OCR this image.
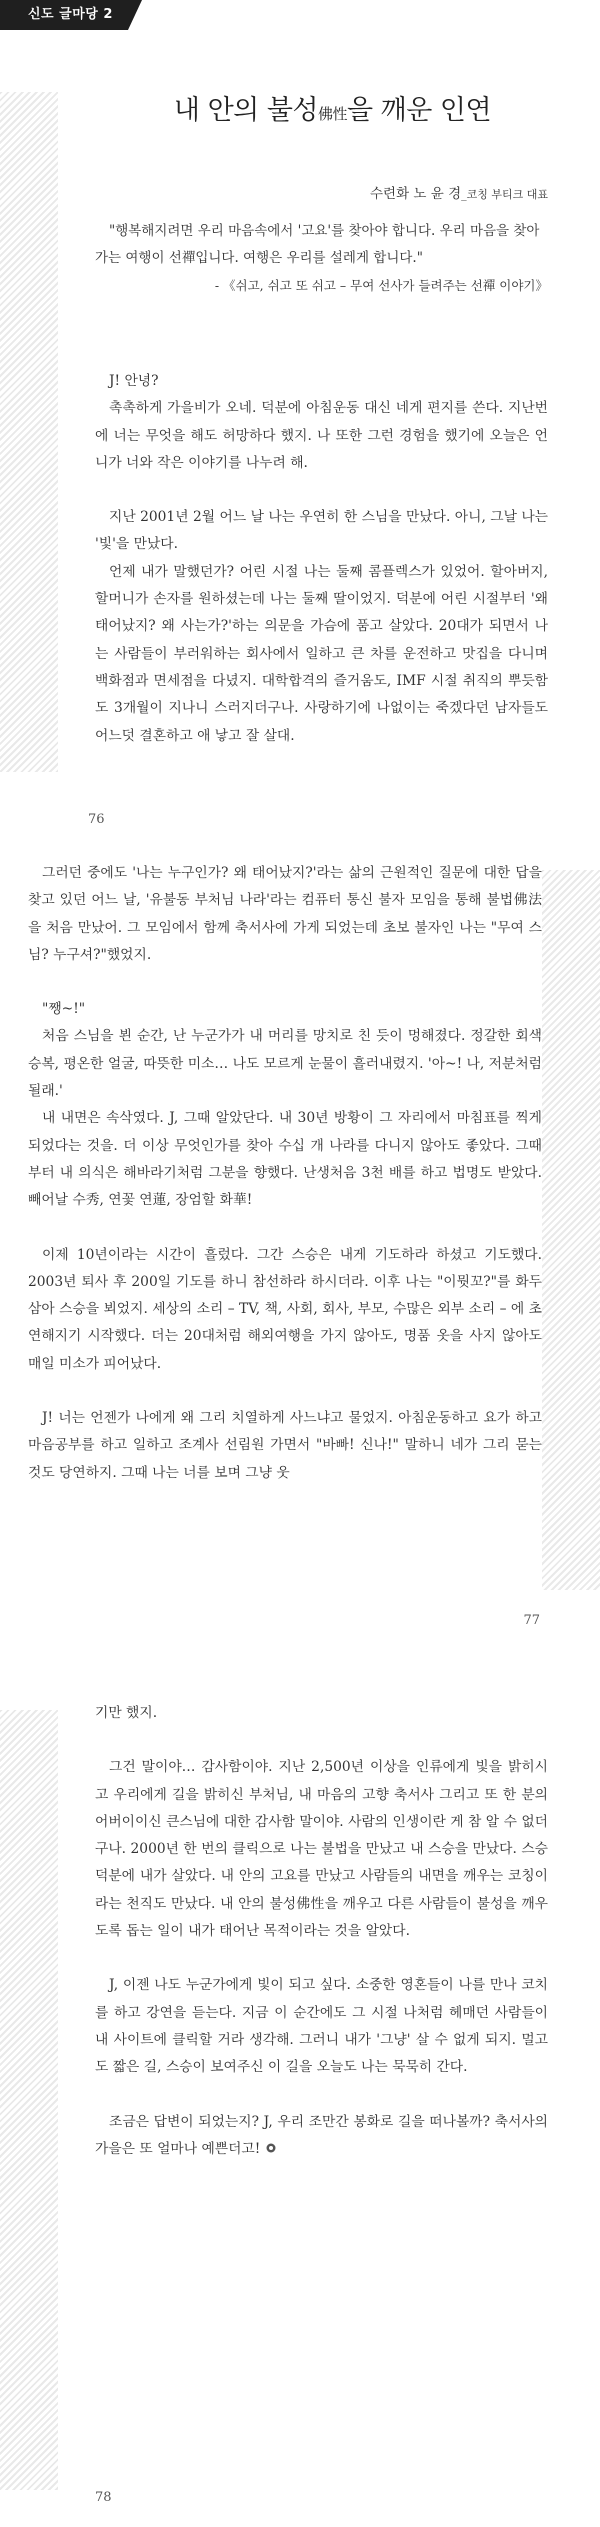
신도 글마당 2
내 안의 불성佛性을 깨운 인연
수련화 노 윤 경_코칭 부티크 대표

"행복해지려면 우리 마음속에서 '고요'를 찾아야 합니다. 우리 마음을 찾아가는 여행이 선禪입니다. 여행은 우리를 설레게 합니다."

- 《쉬고, 쉬고 또 쉬고 – 무여 선사가 들려주는 선禪 이야기》

J! 안녕?

촉촉하게 가을비가 오네. 덕분에 아침운동 대신 네게 편지를 쓴다. 지난번에 너는 무엇을 해도 허망하다 했지. 나 또한 그런 경험을 했기에 오늘은 언니가 너와 작은 이야기를 나누려 해.

지난 2001년 2월 어느 날 나는 우연히 한 스님을 만났다. 아니, 그날 나는 '빛'을 만났다.

언제 내가 말했던가? 어린 시절 나는 둘째 콤플렉스가 있었어. 할아버지, 할머니가 손자를 원하셨는데 나는 둘째 딸이었지. 덕분에 어린 시절부터 '왜 태어났지? 왜 사는가?'하는 의문을 가슴에 품고 살았다. 20대가 되면서 나는 사람들이 부러워하는 회사에서 일하고 큰 차를 운전하고 맛집을 다니며 백화점과 면세점을 다녔지. 대학합격의 즐거움도, IMF 시절 취직의 뿌듯함도 3개월이 지나니 스러지더구나. 사랑하기에 나없이는 죽겠다던 남자들도 어느덧 결혼하고 애 낳고 잘 살대.

76

그러던 중에도 '나는 누구인가? 왜 태어났지?'라는 삶의 근원적인 질문에 대한 답을 찾고 있던 어느 날, '유불동 부처님 나라'라는 컴퓨터 통신 불자 모임을 통해 불법佛法을 처음 만났어. 그 모임에서 함께 축서사에 가게 되었는데 초보 불자인 나는 "무여 스님? 누구셔?"했었지.

"쨍~!"

처음 스님을 뵌 순간, 난 누군가가 내 머리를 망치로 친 듯이 멍해졌다. 정갈한 회색 승복, 평온한 얼굴, 따뜻한 미소… 나도 모르게 눈물이 흘러내렸지. '아~! 나, 저분처럼 될래.'

내 내면은 속삭였다. J, 그때 알았단다. 내 30년 방황이 그 자리에서 마침표를 찍게 되었다는 것을. 더 이상 무엇인가를 찾아 수십 개 나라를 다니지 않아도 좋았다. 그때부터 내 의식은 해바라기처럼 그분을 향했다. 난생처음 3천 배를 하고 법명도 받았다. 빼어날 수秀, 연꽃 연蓮, 장엄할 화華!

이제 10년이라는 시간이 흘렀다. 그간 스승은 내게 기도하라 하셨고 기도했다. 2003년 퇴사 후 200일 기도를 하니 참선하라 하시더라. 이후 나는 "이뭣꼬?"를 화두 삼아 스승을 뵈었지. 세상의 소리 – TV, 책, 사회, 회사, 부모, 수많은 외부 소리 – 에 초연해지기 시작했다. 더는 20대처럼 해외여행을 가지 않아도, 명품 옷을 사지 않아도 매일 미소가 피어났다.

J! 너는 언젠가 나에게 왜 그리 치열하게 사느냐고 물었지. 아침운동하고 요가 하고 마음공부를 하고 일하고 조계사 선림원 가면서 "바빠! 신나!" 말하니 네가 그리 묻는 것도 당연하지. 그때 나는 너를 보며 그냥 웃

77

기만 했지.

그건 말이야… 감사함이야. 지난 2,500년 이상을 인류에게 빛을 밝히시고 우리에게 길을 밝히신 부처님, 내 마음의 고향 축서사 그리고 또 한 분의 어버이이신 큰스님에 대한 감사함 말이야. 사람의 인생이란 게 참 알 수 없더구나. 2000년 한 번의 클릭으로 나는 불법을 만났고 내 스승을 만났다. 스승 덕분에 내가 살았다. 내 안의 고요를 만났고 사람들의 내면을 깨우는 코칭이라는 천직도 만났다. 내 안의 불성佛性을 깨우고 다른 사람들이 불성을 깨우도록 돕는 일이 내가 태어난 목적이라는 것을 알았다.

J, 이젠 나도 누군가에게 빛이 되고 싶다. 소중한 영혼들이 나를 만나 코치를 하고 강연을 듣는다. 지금 이 순간에도 그 시절 나처럼 헤매던 사람들이 내 사이트에 클릭할 거라 생각해. 그러니 내가 '그냥' 살 수 없게 되지. 멀고도 짧은 길, 스승이 보여주신 이 길을 오늘도 나는 묵묵히 간다.

조금은 답변이 되었는지? J, 우리 조만간 봉화로 길을 떠나볼까? 축서사의 가을은 또 얼마나 예쁜더고!

78
